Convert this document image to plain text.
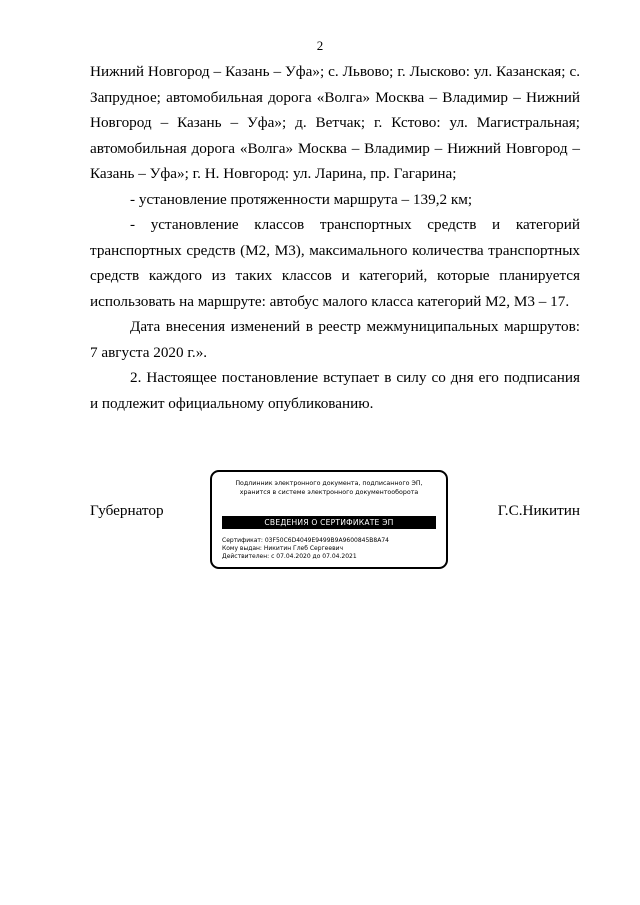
2

Нижний Новгород – Казань – Уфа»; с. Львово; г. Лысково: ул. Казанская; с. Запрудное; автомобильная дорога «Волга» Москва – Владимир – Нижний Новгород – Казань – Уфа»; д. Ветчак; г. Кстово: ул. Магистральная; автомобильная дорога «Волга» Москва – Владимир – Нижний Новгород – Казань – Уфа»; г. Н. Новгород: ул. Ларина, пр. Гагарина;

- установление протяженности маршрута – 139,2 км;

- установление классов транспортных средств и категорий транспортных средств (М2, М3), максимального количества транспортных средств каждого из таких классов и категорий, которые планируется использовать на маршруте: автобус малого класса категорий М2, М3 – 17.

Дата внесения изменений в реестр межмуниципальных маршрутов: 7 августа 2020 г.».

2. Настоящее постановление вступает в силу со дня его подписания и подлежит официальному опубликованию.

Губернатор
Подлинник электронного документа, подписанного ЭП,
хранится в системе электронного документооборота
СВЕДЕНИЯ О СЕРТИФИКАТЕ ЭП
Сертификат: 03F50C6D4049E9499B9A9600845B8A74
Кому выдан: Никитин Глеб Сергеевич
Действителен: с 07.04.2020 до 07.04.2021
Г.С.Никитин
